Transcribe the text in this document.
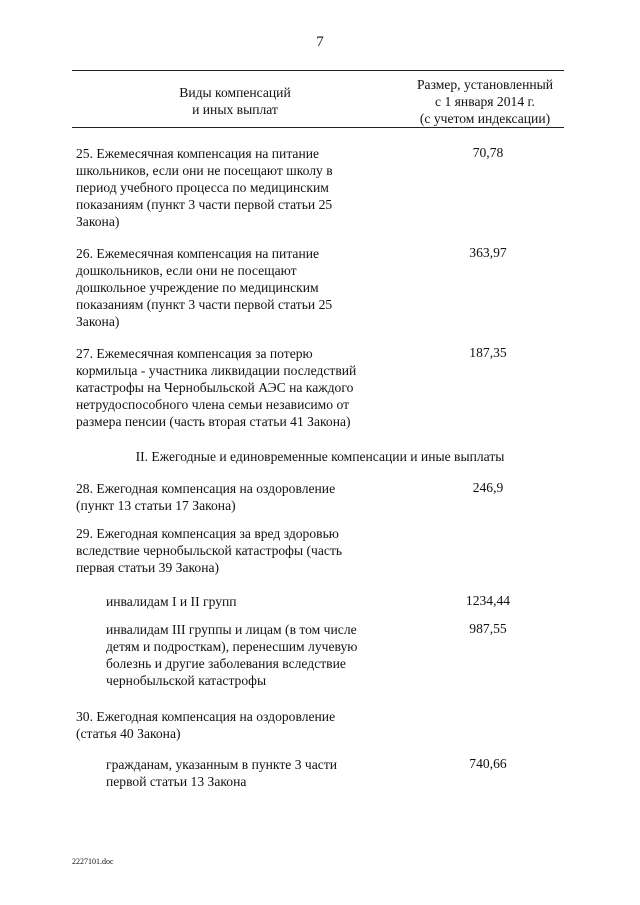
7
Виды компенсаций
и иных выплат
Размер, установленный
с 1 января 2014 г.
(с учетом индексации)
25. Ежемесячная компенсация на питание
школьников, если они не посещают школу в
период учебного процесса по медицинским
показаниям (пункт 3 части первой статьи 25
Закона)
70,78
26. Ежемесячная компенсация на питание
дошкольников, если они не посещают
дошкольное учреждение по медицинским
показаниям (пункт 3 части первой статьи 25
Закона)
363,97
27. Ежемесячная компенсация за потерю
кормильца - участника ликвидации последствий
катастрофы на Чернобыльской АЭС на каждого
нетрудоспособного члена семьи независимо от
размера пенсии (часть вторая статьи 41 Закона)
187,35
II. Ежегодные и единовременные компенсации и иные выплаты
28. Ежегодная компенсация на оздоровление
(пункт 13 статьи 17 Закона)
246,9
29. Ежегодная компенсация за вред здоровью
вследствие чернобыльской катастрофы (часть
первая статьи 39 Закона)
инвалидам I и II групп	1234,44
инвалидам III группы и лицам (в том числе
детям и подросткам), перенесшим лучевую
болезнь и другие заболевания вследствие
чернобыльской катастрофы
987,55
30. Ежегодная компенсация на оздоровление
(статья 40 Закона)
гражданам, указанным в пункте 3 части
первой статьи 13 Закона
740,66
2227101.doc
